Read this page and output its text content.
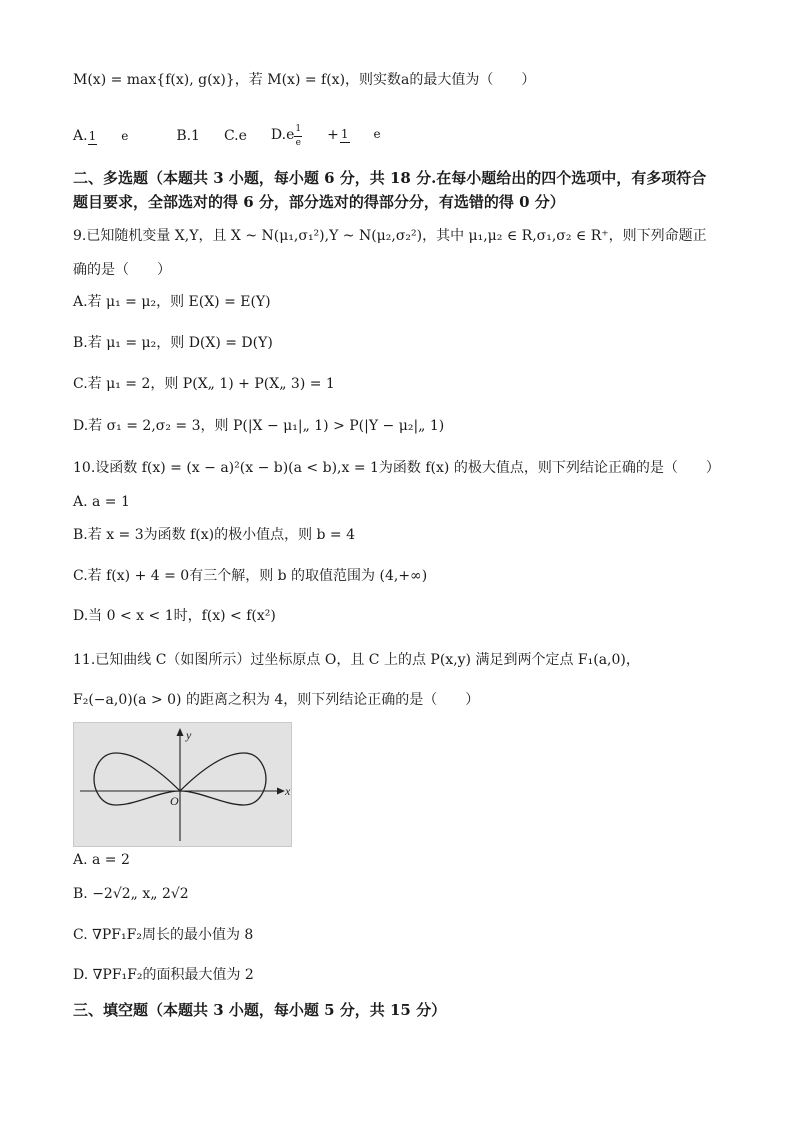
M(x) = max{f(x), g(x)}，若 M(x) = f(x)，则实数a的最大值为（　　）
A.1 e	B.1 C.e D.e $^{\frac{1}{e}}$ + 1 e
二、多选题（本题共 3 小题，每小题 6 分，共 18 分.在每小题给出的四个选项中，有多项符合
题目要求，全部选对的得 6 分，部分选对的得部分分，有选错的得 0 分）
9.已知随机变量 X,Y，且 X ~ N(μ₁,σ₁²),Y ~ N(μ₂,σ₂²)，其中 μ₁,μ₂ ∈ R,σ₁,σ₂ ∈ R⁺，则下列命题正
确的是（　　）
A.若 μ₁ = μ₂，则 E(X) = E(Y)
B.若 μ₁ = μ₂，则 D(X) = D(Y)
C.若 μ₁ = 2，则 P(X„ 1) + P(X„ 3) = 1
D.若 σ₁ = 2,σ₂ = 3，则 P(|X − μ₁|„ 1) > P(|Y − μ₂|„ 1)
10.设函数 f(x) = (x − a)²(x − b)(a < b),x = 1为函数 f(x) 的极大值点，则下列结论正确的是（　　）
A. a = 1
B.若 x = 3为函数 f(x)的极小值点，则 b = 4
C.若 f(x) + 4 = 0有三个解，则 b 的取值范围为 (4,+∞)
D.当 0 < x < 1时，f(x) < f(x²)
11.已知曲线 C（如图所示）过坐标原点 O，且 C 上的点 P(x,y) 满足到两个定点 F₁(a,0)，
F₂(−a,0)(a > 0) 的距离之积为 4，则下列结论正确的是（　　）
x
y
O
A. a = 2
B. −2√2„ x„ 2√2
C. ∇PF₁F₂周长的最小值为 8
D. ∇PF₁F₂的面积最大值为 2
三、填空题（本题共 3 小题，每小题 5 分，共 15 分）
